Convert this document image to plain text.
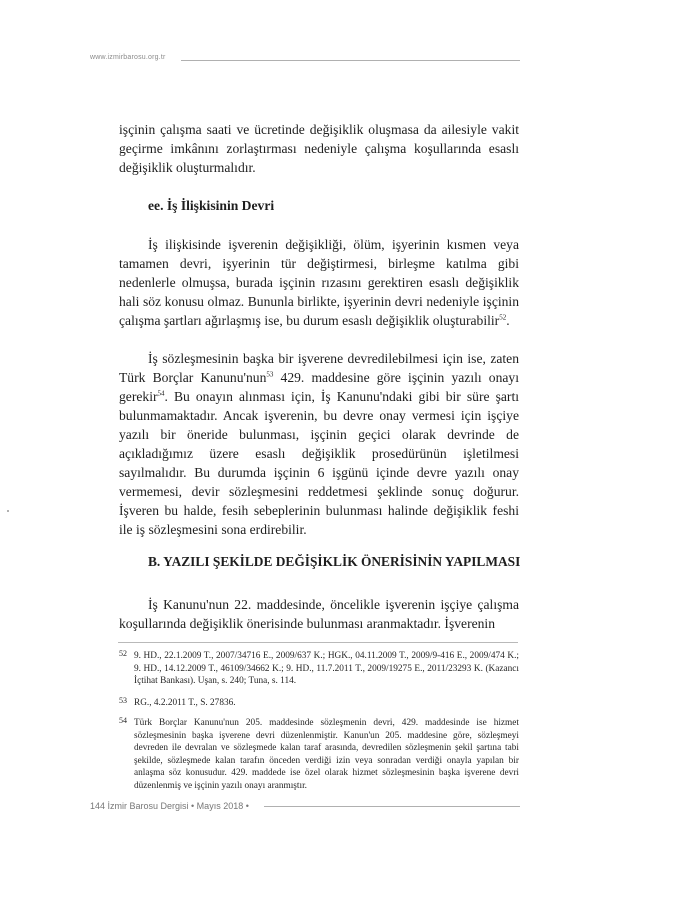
www.izmirbarosu.org.tr
işçinin çalışma saati ve ücretinde değişiklik oluşmasa da ailesiyle vakit geçirme imkânını zorlaştırması nedeniyle çalışma koşullarında esaslı değişiklik oluşturmalıdır.
ee. İş İlişkisinin Devri
İş ilişkisinde işverenin değişikliği, ölüm, işyerinin kısmen veya tamamen devri, işyerinin tür değiştirmesi, birleşme katılma gibi nedenlerle olmuşsa, burada işçinin rızasını gerektiren esaslı değişiklik hali söz konusu olmaz. Bununla birlikte, işyerinin devri nedeniyle işçinin çalışma şartları ağırlaşmış ise, bu durum esaslı değişiklik oluşturabilir$^{52}$.
İş sözleşmesinin başka bir işverene devredilebilmesi için ise, zaten Türk Borçlar Kanunu'nun$^{53}$ 429. maddesine göre işçinin yazılı onayı gerekir$^{54}$. Bu onayın alınması için, İş Kanunu'ndaki gibi bir süre şartı bulunmamaktadır. Ancak işverenin, bu devre onay vermesi için işçiye yazılı bir öneride bulunması, işçinin geçici olarak devrinde de açıkladığımız üzere esaslı değişiklik prosedürünün işletilmesi sayılmalıdır. Bu durumda işçinin 6 işgünü içinde devre yazılı onay vermemesi, devir sözleşmesini reddetmesi şeklinde sonuç doğurur. İşveren bu halde, fesih sebeplerinin bulunması halinde değişiklik feshi ile iş sözleşmesini sona erdirebilir.
B. YAZILI ŞEKİLDE DEĞİŞİKLİK ÖNERİSİNİN YAPILMASI
İş Kanunu'nun 22. maddesinde, öncelikle işverenin işçiye çalışma koşullarında değişiklik önerisinde bulunması aranmaktadır. İşverenin
52 9. HD., 22.1.2009 T., 2007/34716 E., 2009/637 K.; HGK., 04.11.2009 T., 2009/9-416 E., 2009/474 K.; 9. HD., 14.12.2009 T., 46109/34662 K.; 9. HD., 11.7.2011 T., 2009/19275 E., 2011/23293 K. (Kazancı İçtihat Bankası). Uşan, s. 240; Tuna, s. 114.
53 RG., 4.2.2011 T., S. 27836.
54 Türk Borçlar Kanunu'nun 205. maddesinde sözleşmenin devri, 429. maddesinde ise hizmet sözleşmesinin başka işverene devri düzenlenmiştir. Kanun'un 205. maddesine göre, sözleşmeyi devreden ile devralan ve sözleşmede kalan taraf arasında, devredilen sözleşmenin şekil şartına tabi şekilde, sözleşmede kalan tarafın önceden verdiği izin veya sonradan verdiği onayla yapılan bir anlaşma söz konusudur. 429. maddede ise özel olarak hizmet sözleşmesinin başka işverene devri düzenlenmiş ve işçinin yazılı onayı aranmıştır.
144 İzmir Barosu Dergisi • Mayıs 2018 •
